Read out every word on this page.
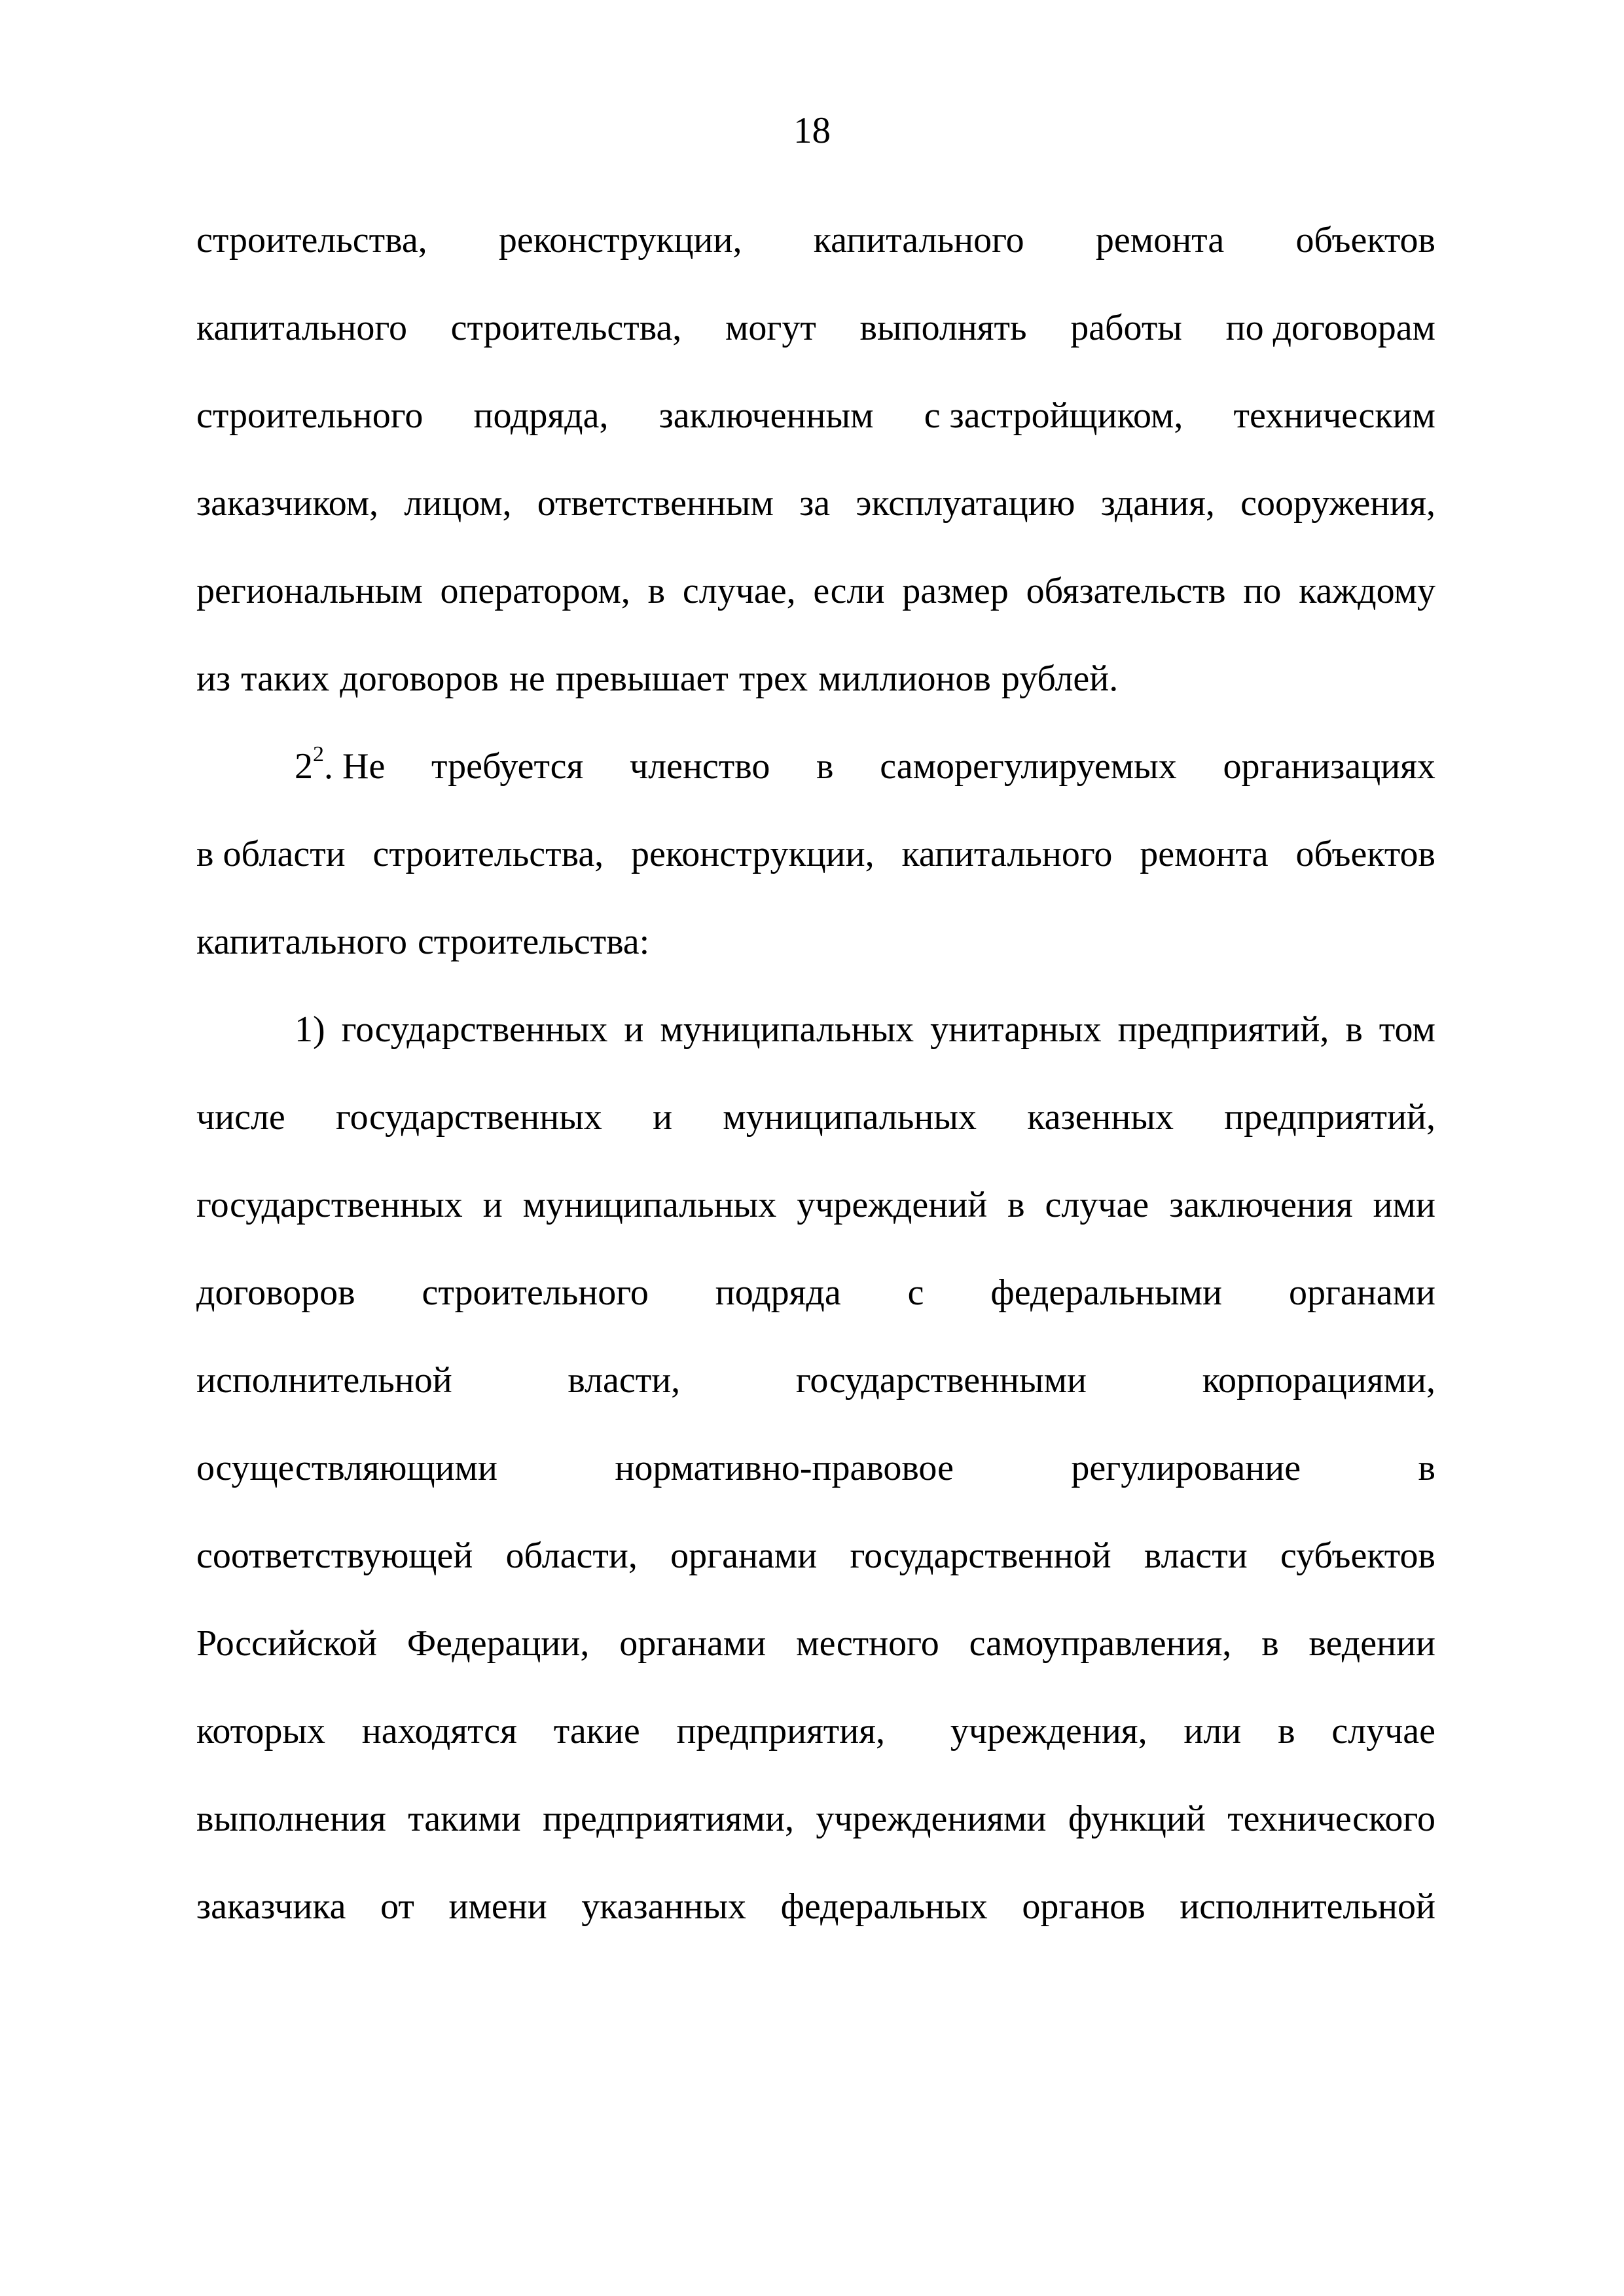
18
строительства, реконструкции, капитального ремонта объектов
капитального строительства, могут выполнять работы по договорам
строительного подряда, заключенным с застройщиком, техническим
заказчиком, лицом, ответственным за эксплуатацию здания, сооружения,
региональным оператором, в случае, если размер обязательств по каждому
из таких договоров не превышает трех миллионов рублей.
$2^2$. Не требуется членство в саморегулируемых организациях
в области строительства, реконструкции, капитального ремонта объектов
капитального строительства:
1) государственных и муниципальных унитарных предприятий, в том
числе государственных и муниципальных казенных предприятий,
государственных и муниципальных учреждений в случае заключения ими
договоров строительного подряда с федеральными органами
исполнительной	власти,	государственными	корпорациями,
осуществляющими	нормативно-правовое	регулирование	в
соответствующей области, органами государственной власти субъектов
Российской Федерации, органами местного самоуправления, в ведении
которых находятся такие предприятия, учреждения, или в случае
выполнения такими предприятиями, учреждениями функций технического
заказчика от имени указанных федеральных органов исполнительной
